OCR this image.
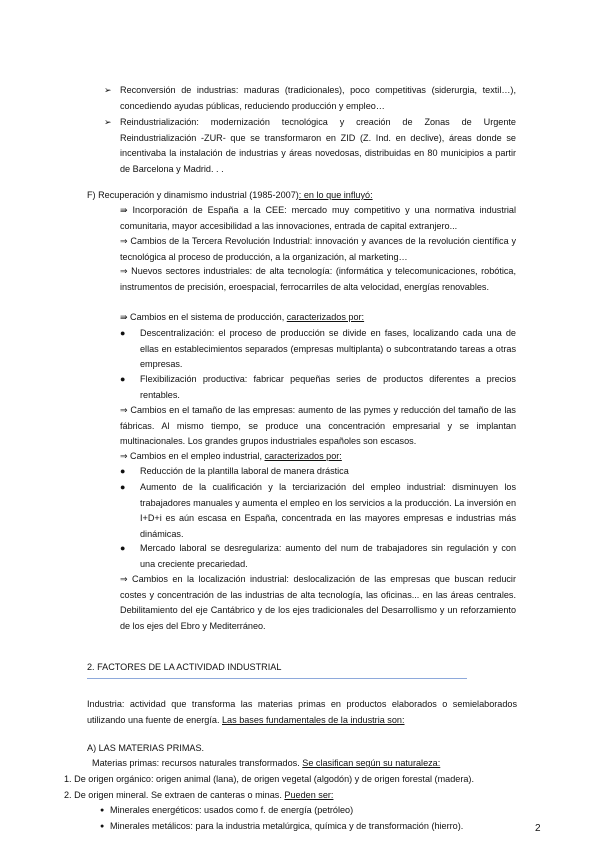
➢ Reconversión de industrias: maduras (tradicionales), poco competitivas (siderurgia, textil…), concediendo ayudas públicas, reduciendo producción y empleo…
➢ Reindustrialización: modernización tecnológica y creación de Zonas de Urgente Reindustrialización -ZUR- que se transformaron en ZID (Z. Ind. en declive), áreas donde se incentivaba la instalación de industrias y áreas novedosas, distribuidas en 80 municipios a partir de Barcelona y Madrid. . .
F) Recuperación y dinamismo industrial (1985-2007): en lo que influyó:
⇛ Incorporación de España a la CEE: mercado muy competitivo y una normativa industrial comunitaria, mayor accesibilidad a las innovaciones, entrada de capital extranjero...
⇒ Cambios de la Tercera Revolución Industrial: innovación y avances de la revolución científica y tecnológica al proceso de producción, a la organización, al marketing…
⇒ Nuevos sectores industriales: de alta tecnología: (informática y telecomunicaciones, robótica, instrumentos de precisión, eroespacial, ferrocarriles de alta velocidad, energías renovables.
⇛ Cambios en el sistema de producción, caracterizados por:
● Descentralización: el proceso de producción se divide en fases, localizando cada una de ellas en establecimientos separados (empresas multiplanta) o subcontratando tareas a otras empresas.
● Flexibilización productiva: fabricar pequeñas series de productos diferentes a precios rentables.
⇒ Cambios en el tamaño de las empresas: aumento de las pymes y reducción del tamaño de las fábricas. Al mismo tiempo, se produce una concentración empresarial y se implantan multinacionales. Los grandes grupos industriales españoles son escasos.
⇒ Cambios en el empleo industrial, caracterizados por:
● Reducción de la plantilla laboral de manera drástica
● Aumento de la cualificación y la terciarización del empleo industrial: disminuyen los trabajadores manuales y aumenta el empleo en los servicios a la producción. La inversión en I+D+i es aún escasa en España, concentrada en las mayores empresas e industrias más dinámicas.
● Mercado laboral se desregulariza: aumento del num de trabajadores sin regulación y con una creciente precariedad.
⇒ Cambios en la localización industrial: deslocalización de las empresas que buscan reducir costes y concentración de las industrias de alta tecnología, las oficinas... en las áreas centrales. Debilitamiento del eje Cantábrico y de los ejes tradicionales del Desarrollismo y un reforzamiento de los ejes del Ebro y Mediterráneo.
2. FACTORES DE LA ACTIVIDAD INDUSTRIAL
Industria: actividad que transforma las materias primas en productos elaborados o semielaborados utilizando una fuente de energía. Las bases fundamentales de la industria son:
A) LAS MATERIAS PRIMAS.
Materias primas: recursos naturales transformados. Se clasifican según su naturaleza:
1. De origen orgánico: origen animal (lana), de origen vegetal (algodón) y de origen forestal (madera).
2. De origen mineral. Se extraen de canteras o minas. Pueden ser:
● Minerales energéticos: usados como f. de energía (petróleo)
● Minerales metálicos: para la industria metalúrgica, química y de transformación (hierro).	2
